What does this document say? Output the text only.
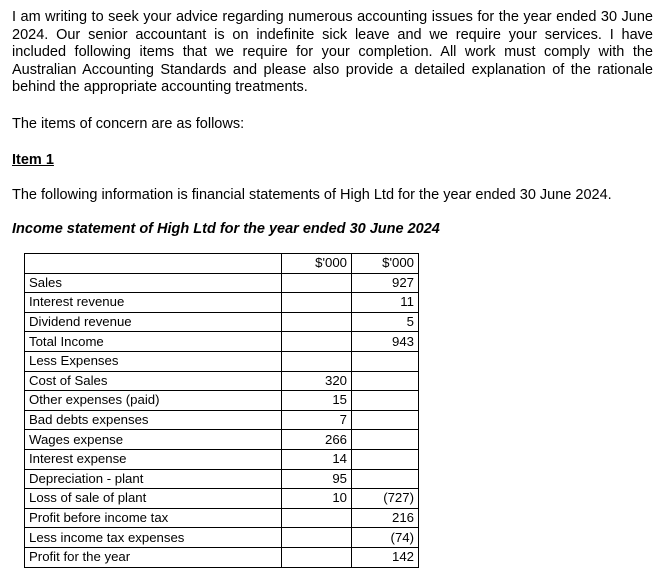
I am writing to seek your advice regarding numerous accounting issues for the year ended 30 June 2024. Our senior accountant is on indefinite sick leave and we require your services. I have included following items that we require for your completion. All work must comply with the Australian Accounting Standards and please also provide a detailed explanation of the rationale behind the appropriate accounting treatments.

The items of concern are as follows:

Item 1

The following information is financial statements of High Ltd for the year ended 30 June 2024.

Income statement of High Ltd for the year ended 30 June 2024

	$'000	$'000
Sales		927
Interest revenue		11
Dividend revenue		5
Total Income		943
Less Expenses		
Cost of Sales	320	
Other expenses (paid)	15	
Bad debts expenses	7	
Wages expense	266	
Interest expense	14	
Depreciation - plant	95	
Loss of sale of plant	10	(727)
Profit before income tax		216
Less income tax expenses		(74)
Profit for the year		142
